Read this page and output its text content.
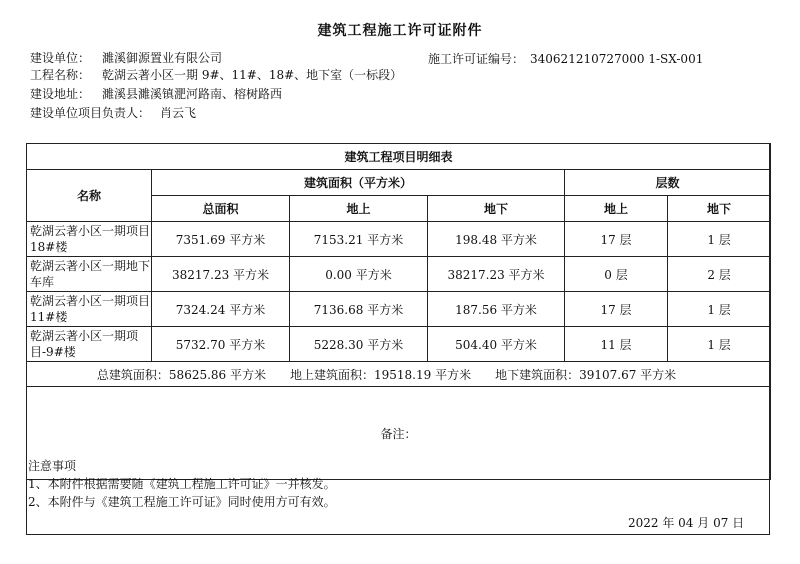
建筑工程施工许可证附件
建设单位： 濉溪御源置业有限公司	施工许可证编号： 340621210727000 1-SX-001
工程名称： 乾湖云著小区一期 9#、11#、18#、地下室（一标段）
建设地址： 濉溪县濉溪镇淝河路南、榕树路西
建设单位项目负责人： 肖云飞
建筑工程项目明细表					
名称	建筑面积（平方米）			层数	
	总面积	地上	地下	地上	地下
乾湖云著小区一期项目 18#楼	7351.69 平方米	7153.21 平方米	198.48 平方米	17 层	1 层
乾湖云著小区一期地下车库	38217.23 平方米	0.00 平方米	38217.23 平方米	0 层	2 层
乾湖云著小区一期项目 11#楼	7324.24 平方米	7136.68 平方米	187.56 平方米	17 层	1 层
乾湖云著小区一期项目-9#楼	5732.70 平方米	5228.30 平方米	504.40 平方米	11 层	1 层
总建筑面积：58625.86 平方米 地上建筑面积：19518.19 平方米 地下建筑面积：39107.67 平方米					
备注：					
注意事项
1、本附件根据需要随《建筑工程施工许可证》一并核发。
2、本附件与《建筑工程施工许可证》同时使用方可有效。
2022 年 04 月 07 日
